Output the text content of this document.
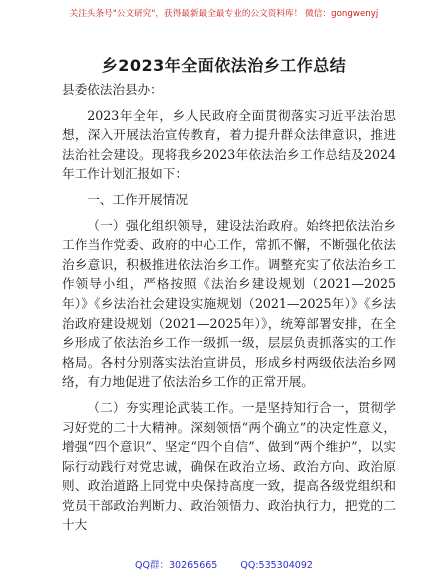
关注头条号"公文研究"，获得最新最全最专业的公文资料库！ 微信：gongwenyj
乡2023年全面依法治乡工作总结

县委依法治县办：

2023年全年，乡人民政府全面贯彻落实习近平法治思想，深入开展法治宣传教育，着力提升群众法律意识，推进法治社会建设。现将我乡2023年依法治乡工作总结及2024年工作计划汇报如下：

一、工作开展情况

（一）强化组织领导，建设法治政府。始终把依法治乡工作当作党委、政府的中心工作，常抓不懈，不断强化依法治乡意识，积极推进依法治乡工作。调整充实了依法治乡工作领导小组，严格按照《法治乡建设规划（2021—2025年）》《乡法治社会建设实施规划（2021—2025年）》《乡法治政府建设规划（2021—2025年）》，统筹部署安排，在全乡形成了依法治乡工作一级抓一级，层层负责抓落实的工作格局。各村分别落实法治宣讲员，形成乡村两级依法治乡网络，有力地促进了依法治乡工作的正常开展。

（二）夯实理论武装工作。一是坚持知行合一，贯彻学习好党的二十大精神。深刻领悟“两个确立”的决定性意义，增强“四个意识”、坚定“四个自信”、做到“两个维护”，以实际行动践行对党忠诚，确保在政治立场、政治方向、政治原则、政治道路上同党中央保持高度一致，提高各级党组织和党员干部政治判断力、政治领悟力、政治执行力，把党的二十大

QQ群：30265665 QQ:535304092
